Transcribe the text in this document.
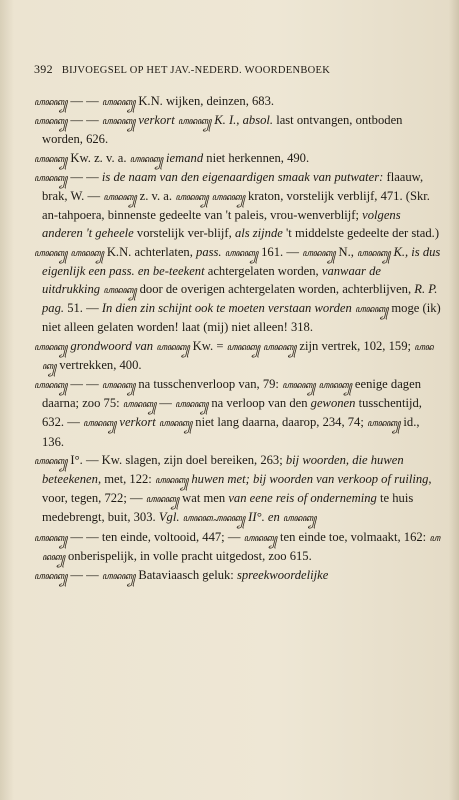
392 BIJVOEGSEL OP HET JAV.-NEDERD. WOORDENBOEK

ꦲꦤꦏ꧀ — — ꦲꦤꦏ꧀ K.N. wijken, deinzen, 683.

ꦲꦤꦏ꧀ — — ꦲꦤꦏ꧀ verkort ꦲꦤꦏ꧀ K. I., absol. last ontvangen, ontboden worden, 626.

ꦲꦤꦏ꧀ Kw. z. v. a. ꦲꦤꦏ꧀ iemand niet herkennen, 490.

ꦲꦤꦏ꧀ — — is de naam van den eigenaardigen smaak van putwater: flaauw, brak, W. — ꦲꦤꦏ꧀ z. v. a. ꦲꦤꦏ꧀ ꦲꦤꦏ꧀ kraton, vorstelijk verblijf, 471. (Skr. an-tahpoera, binnenste gedeelte van 't paleis, vrou-wenverblijf; volgens anderen 't geheele vorstelijk ver-blijf, als zijnde 't middelste gedeelte der stad.)

ꦲꦤꦏ꧀ ꦲꦤꦏ꧀ K.N. achterlaten, pass. ꦲꦤꦏ꧀ 161. — ꦲꦤꦏ꧀ N., ꦲꦤꦏ꧀ K., is dus eigenlijk een pass. en be-teekent achtergelaten worden, vanwaar de uitdrukking ꦲꦤꦏ꧀ door de overigen achtergelaten worden, achterblijven, R. P. pag. 51. — In dien zin schijnt ook te moeten verstaan worden ꦲꦤꦏ꧀ moge (ik) niet alleen gelaten worden! laat (mij) niet alleen! 318.

ꦲꦤꦏ꧀ grondwoord van ꦲꦤꦏ꧀ Kw. = ꦲꦤꦏ꧀ ꦲꦤꦏ꧀ zijn vertrek, 102, 159; ꦲꦤꦏ꧀ vertrekken, 400.

ꦲꦤꦏ꧀ — — ꦲꦤꦏ꧀ na tusschenverloop van, 79: ꦲꦤꦏ꧀ ꦲꦤꦏ꧀ eenige dagen daarna; zoo 75: ꦲꦤꦏ꧀ — ꦲꦤꦏ꧀ na verloop van den gewonen tusschentijd, 632. — ꦲꦤꦏ꧀ verkort ꦲꦤꦏ꧀ niet lang daarna, daarop, 234, 74; ꦲꦤꦏ꧀ id., 136.

ꦲꦤꦏ꧀ I°. — Kw. slagen, zijn doel bereiken, 263; bij woorden, die huwen beteekenen, met, 122: ꦲꦤꦏ꧀ huwen met; bij woorden van verkoop of ruiling, voor, tegen, 722; — ꦲꦤꦏ꧀ wat men van eene reis of onderneming te huis medebrengt, buit, 303. Vgl. ꦲꦤꦏ꧀ꦲꦤꦏ꧀ II°. en ꦲꦤꦏ꧀

ꦲꦤꦏ꧀ — — ten einde, voltooid, 447; — ꦲꦤꦏ꧀ ten einde toe, volmaakt, 162: ꦲꦤꦏ꧀ onberispelijk, in volle pracht uitgedost, zoo 615.

ꦲꦤꦏ꧀ — — ꦲꦤꦏ꧀ Bataviaasch geluk: spreekwoordelijke
